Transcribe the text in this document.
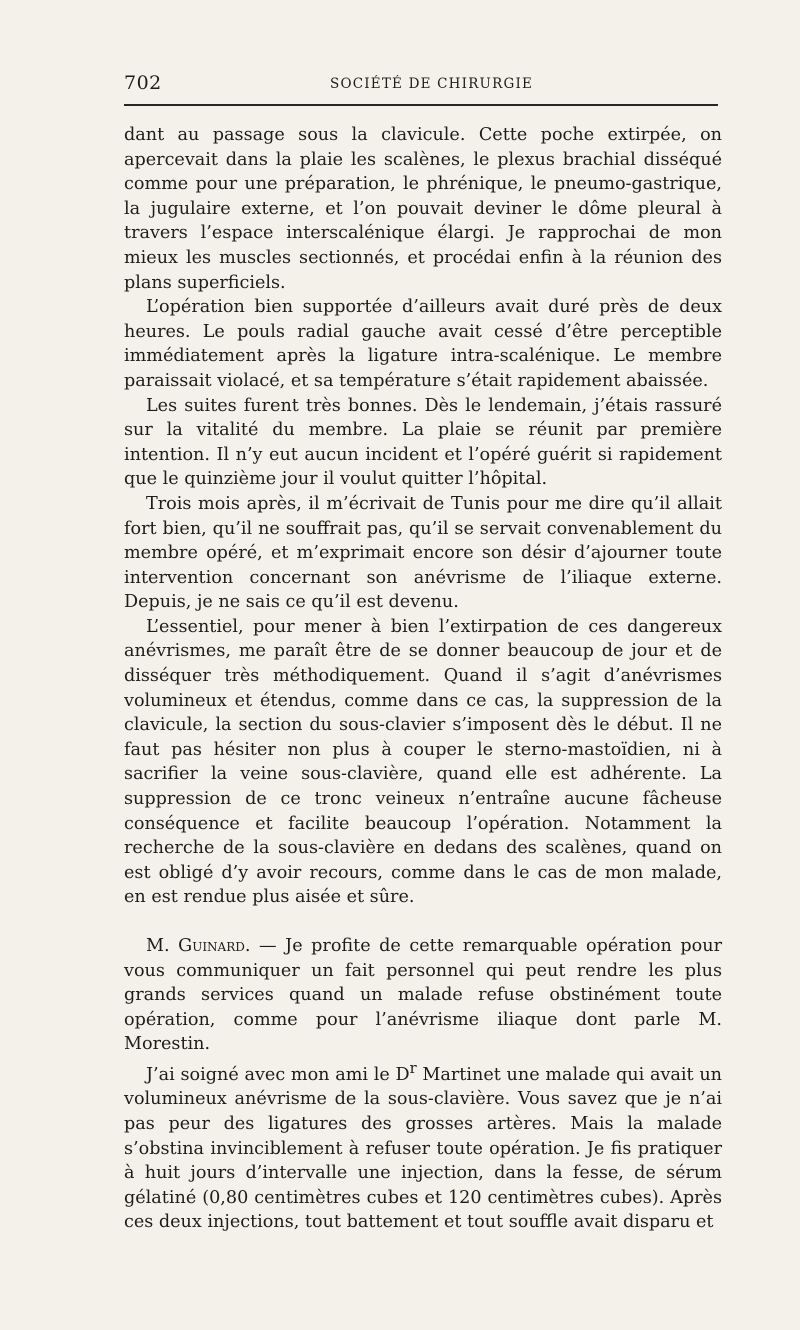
702	SOCIÉTÉ DE CHIRURGIE

dant au passage sous la clavicule. Cette poche extirpée, on apercevait dans la plaie les scalènes, le plexus brachial disséqué comme pour une préparation, le phrénique, le pneumo-gastrique, la jugulaire externe, et l’on pouvait deviner le dôme pleural à travers l’espace interscalénique élargi. Je rapprochai de mon mieux les muscles sectionnés, et procédai enfin à la réunion des plans superficiels.

L’opération bien supportée d’ailleurs avait duré près de deux heures. Le pouls radial gauche avait cessé d’être perceptible immédiatement après la ligature intra-scalénique. Le membre paraissait violacé, et sa température s’était rapidement abaissée.

Les suites furent très bonnes. Dès le lendemain, j’étais rassuré sur la vitalité du membre. La plaie se réunit par première intention. Il n’y eut aucun incident et l’opéré guérit si rapidement que le quinzième jour il voulut quitter l’hôpital.

Trois mois après, il m’écrivait de Tunis pour me dire qu’il allait fort bien, qu’il ne souffrait pas, qu’il se servait convenablement du membre opéré, et m’exprimait encore son désir d’ajourner toute intervention concernant son anévrisme de l’iliaque externe. Depuis, je ne sais ce qu’il est devenu.

L’essentiel, pour mener à bien l’extirpation de ces dangereux anévrismes, me paraît être de se donner beaucoup de jour et de disséquer très méthodiquement. Quand il s’agit d’anévrismes volumineux et étendus, comme dans ce cas, la suppression de la clavicule, la section du sous-clavier s’imposent dès le début. Il ne faut pas hésiter non plus à couper le sterno-mastoïdien, ni à sacrifier la veine sous-clavière, quand elle est adhérente. La suppression de ce tronc veineux n’entraîne aucune fâcheuse conséquence et facilite beaucoup l’opération. Notamment la recherche de la sous-clavière en dedans des scalènes, quand on est obligé d’y avoir recours, comme dans le cas de mon malade, en est rendue plus aisée et sûre.

M. Guinard. — Je profite de cette remarquable opération pour vous communiquer un fait personnel qui peut rendre les plus grands services quand un malade refuse obstinément toute opération, comme pour l’anévrisme iliaque dont parle M. Morestin.

J’ai soigné avec mon ami le $D^r$ Martinet une malade qui avait un volumineux anévrisme de la sous-clavière. Vous savez que je n’ai pas peur des ligatures des grosses artères. Mais la malade s’obstina invinciblement à refuser toute opération. Je fis pratiquer à huit jours d’intervalle une injection, dans la fesse, de sérum gélatiné (0,80 centimètres cubes et 120 centimètres cubes). Après ces deux injections, tout battement et tout souffle avait disparu et
